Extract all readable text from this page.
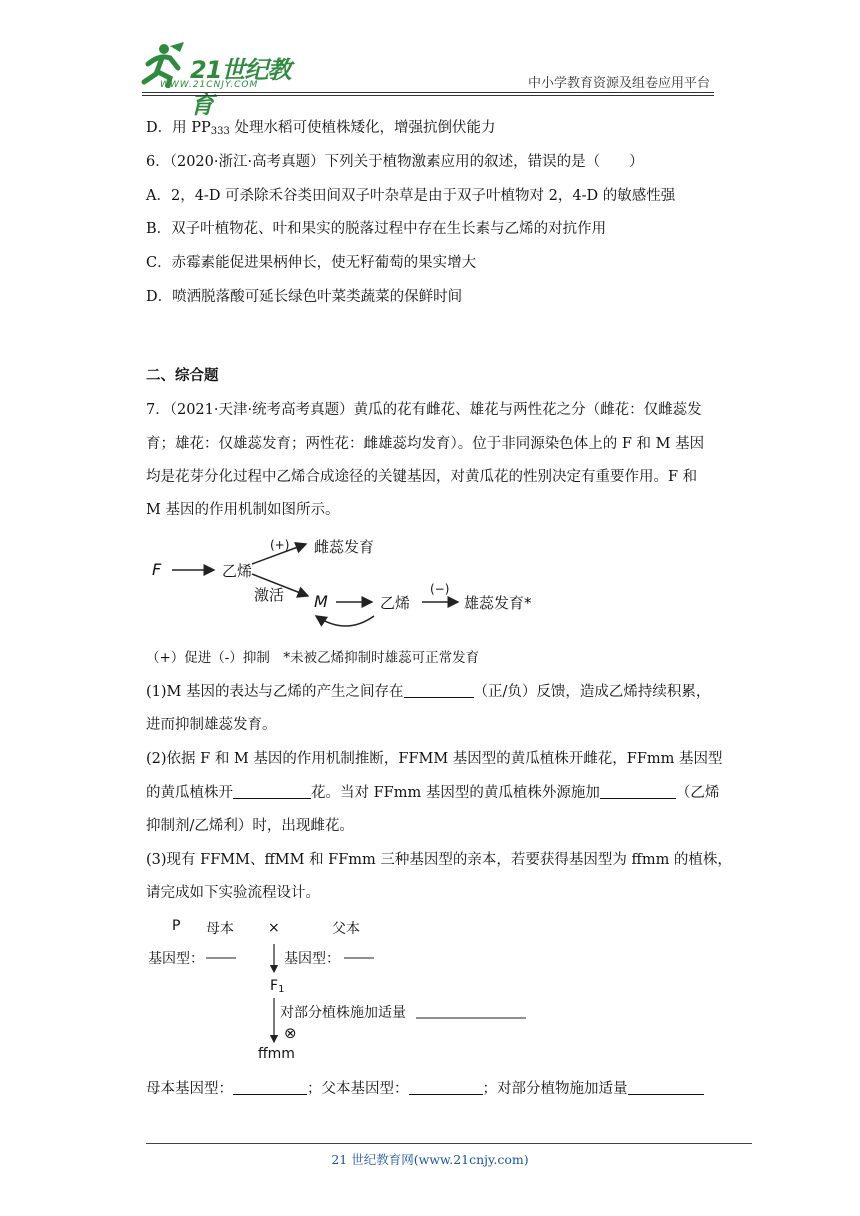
21世纪教育
WWW.21CNJY.COM	中小学教育资源及组卷应用平台
D．用 $PP_{333}$ 处理水稻可使植株矮化，增强抗倒伏能力
6．（2020·浙江·高考真题）下列关于植物激素应用的叙述，错误的是（　　）
A．2，4-D 可杀除禾谷类田间双子叶杂草是由于双子叶植物对 2，4-D 的敏感性强
B．双子叶植物花、叶和果实的脱落过程中存在生长素与乙烯的对抗作用
C．赤霉素能促进果柄伸长，使无籽葡萄的果实增大
D．喷洒脱落酸可延长绿色叶菜类蔬菜的保鲜时间
二、综合题
7．（2021·天津·统考高考真题）黄瓜的花有雌花、雄花与两性花之分（雌花：仅雌蕊发
育；雄花：仅雄蕊发育；两性花：雌雄蕊均发育）。位于非同源染色体上的 F 和 M 基因
均是花芽分化过程中乙烯合成途径的关键基因，对黄瓜花的性别决定有重要作用。F 和
M 基因的作用机制如图所示。
F	乙烯
(+) 雌蕊发育
激活 M	乙烯
(−)
雄蕊发育*
（+）促进（-）抑制　*未被乙烯抑制时雄蕊可正常发育
(1)M 基因的表达与乙烯的产生之间存在	（正/负）反馈，造成乙烯持续积累，
进而抑制雄蕊发育。
(2)依据 F 和 M 基因的作用机制推断，FFMM 基因型的黄瓜植株开雌花，FFmm 基因型
的黄瓜植株开	花。当对 FFmm 基因型的黄瓜植株外源施加	（乙烯
抑制剂/乙烯利）时，出现雌花。
(3)现有 FFMM、ffMM 和 FFmm 三种基因型的亲本，若要获得基因型为 ffmm 的植株，
请完成如下实验流程设计。
P 母本 ×	父本
基因型：	基因型：
$F_1$
对部分植株施加适量
⊗
ffmm
母本基因型：	；父本基因型：	；对部分植物施加适量
21 世纪教育网(www.21cnjy.com)
